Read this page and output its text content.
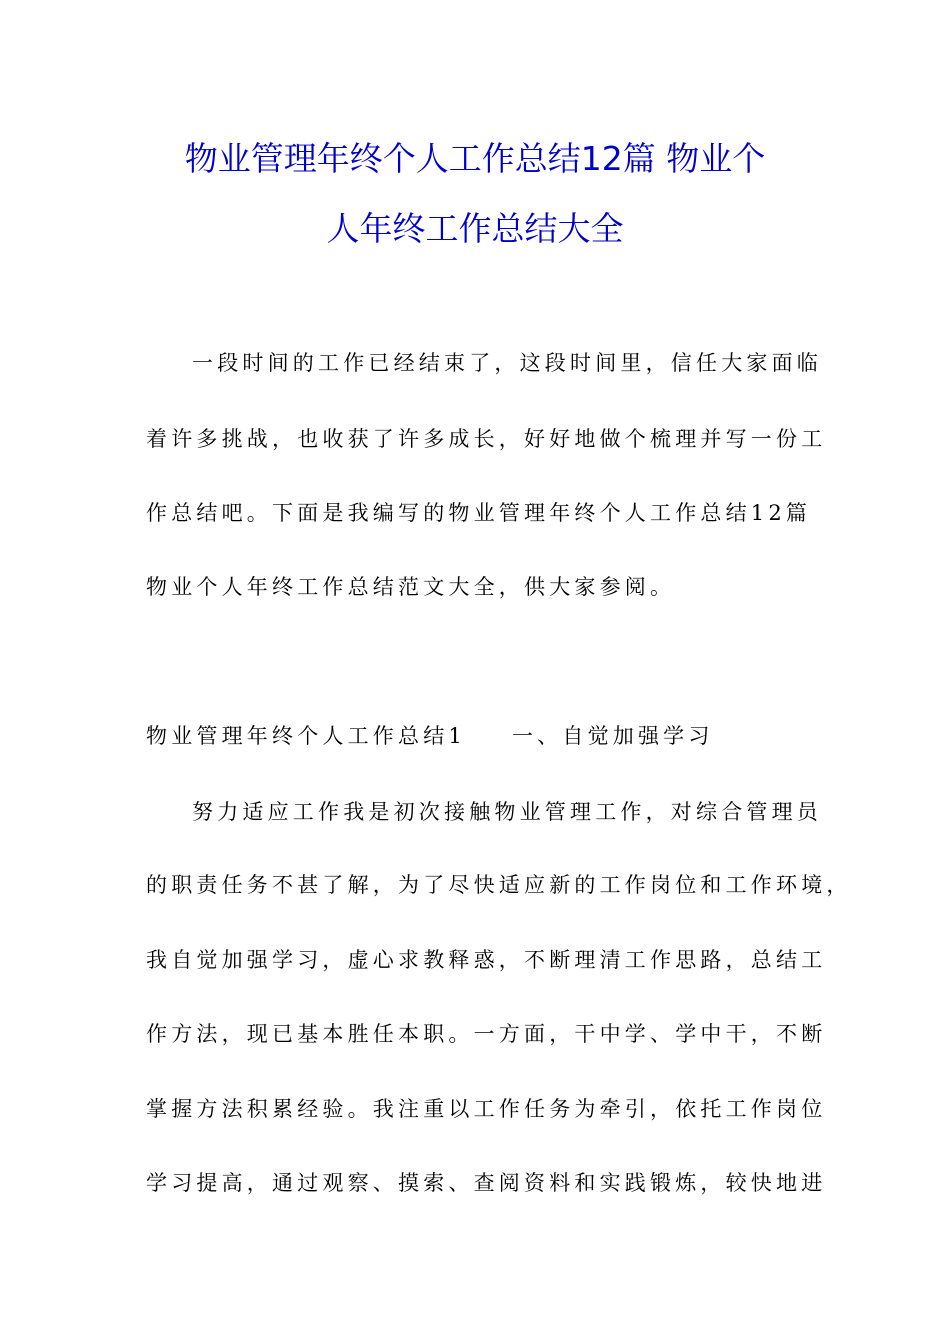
物业管理年终个人工作总结12篇 物业个
人年终工作总结大全
一段时间的工作已经结束了，这段时间里，信任大家面临
着许多挑战，也收获了许多成长，好好地做个梳理并写一份工
作总结吧。下面是我编写的物业管理年终个人工作总结12篇
物业个人年终工作总结范文大全，供大家参阅。
物业管理年终个人工作总结1 一、自觉加强学习
努力适应工作我是初次接触物业管理工作，对综合管理员
的职责任务不甚了解，为了尽快适应新的工作岗位和工作环境，
我自觉加强学习，虚心求教释惑，不断理清工作思路，总结工
作方法，现已基本胜任本职。一方面，干中学、学中干，不断
掌握方法积累经验。我注重以工作任务为牵引，依托工作岗位
学习提高，通过观察、摸索、查阅资料和实践锻炼，较快地进
